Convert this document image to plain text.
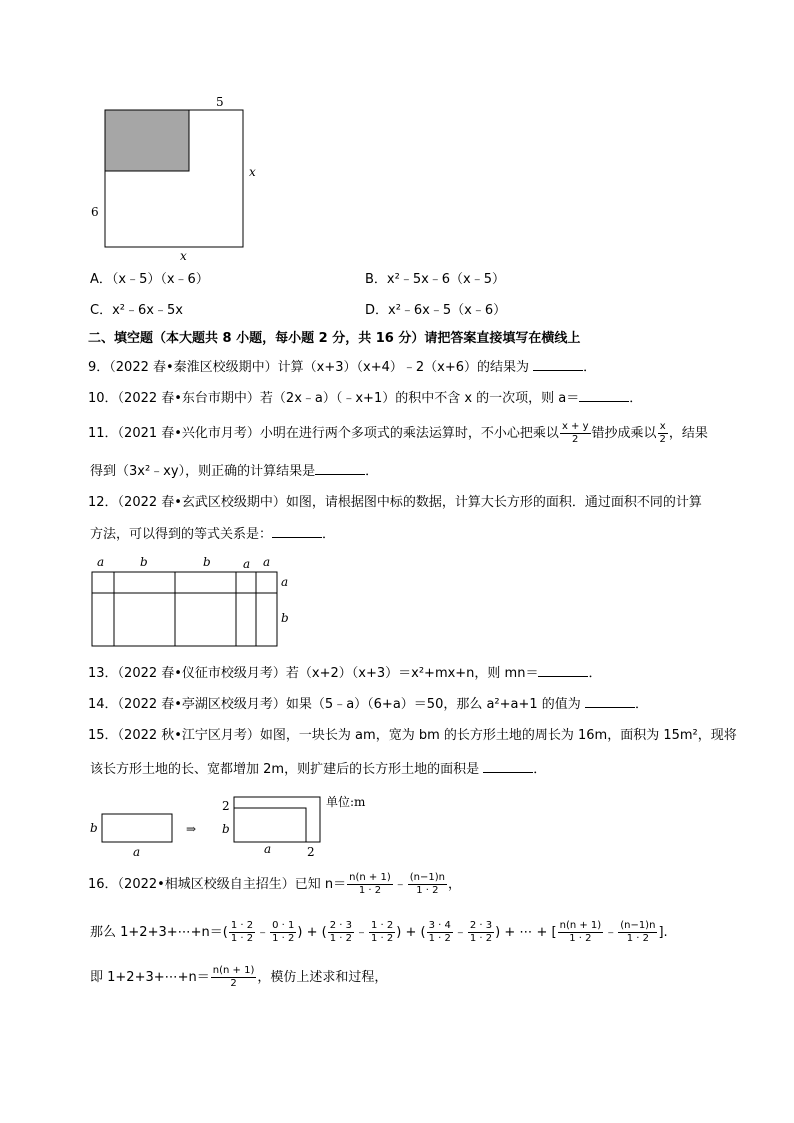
5
x
6
x
A．（x﹣5）（x﹣6）	B．x²﹣5x﹣6（x﹣5）
C．x²﹣6x﹣5x	D．x²﹣6x﹣5（x﹣6）
二、填空题（本大题共 8 小题，每小题 2 分，共 16 分）请把答案直接填写在横线上
9．（2022 春•秦淮区校级期中）计算（x+3）（x+4）﹣2（x+6）的结果为	．
10．（2022 春•东台市期中）若（2x﹣a）（﹣x+1）的积中不含 x 的一次项，则 a＝	．
11．（2021 春•兴化市月考）小明在进行两个多项式的乘法运算时，不小心把乘以 $\frac{x + y}{2}$ 错抄成乘以 $\frac{x}{2}$ ，结果
得到（3x²﹣xy），则正确的计算结果是	．
12．（2022 春•玄武区校级期中）如图，请根据图中标的数据，计算大长方形的面积．通过面积不同的计算
方法，可以得到的等式关系是：	．
a	b	b	a a
a
b
13．（2022 春•仪征市校级月考）若（x+2）（x+3）＝x²+mx+n，则 mn＝	．
14．（2022 春•亭湖区校级月考）如果（5﹣a）（6+a）＝50，那么 a²+a+1 的值为	．
15．（2022 秋•江宁区月考）如图，一块长为 am，宽为 bm 的长方形土地的周长为 16m，面积为 15m²，现将
该长方形土地的长、宽都增加 2m，则扩建后的长方形土地的面积是	．
b
a
⇒
2
b
a	2
单位:m
16．（2022•相城区校级自主招生）已知 $n= \frac{n(n + 1)}{1 \cdot 2}$ ﹣ $\frac{(n-1)n}{1 \cdot 2}$ ，
那么 1+2+3+⋯+n＝( $\frac{1 \cdot 2}{1 \cdot 2}$ ﹣ $\frac{0 \cdot 1}{1 \cdot 2}$ ) + ( $\frac{2 \cdot 3}{1 \cdot 2}$ ﹣ $\frac{1 \cdot 2}{1 \cdot 2}$ ) + ( $\frac{3 \cdot 4}{1 \cdot 2}$ ﹣ $\frac{2 \cdot 3}{1 \cdot 2}$ ) + ⋯ + [ $\frac{n(n + 1)}{1 \cdot 2}$ ﹣ $\frac{(n-1)n}{1 \cdot 2}$ ].
即 1+2+3+⋯+n＝ $\frac{n(n + 1)}{2}$ ，模仿上述求和过程，
